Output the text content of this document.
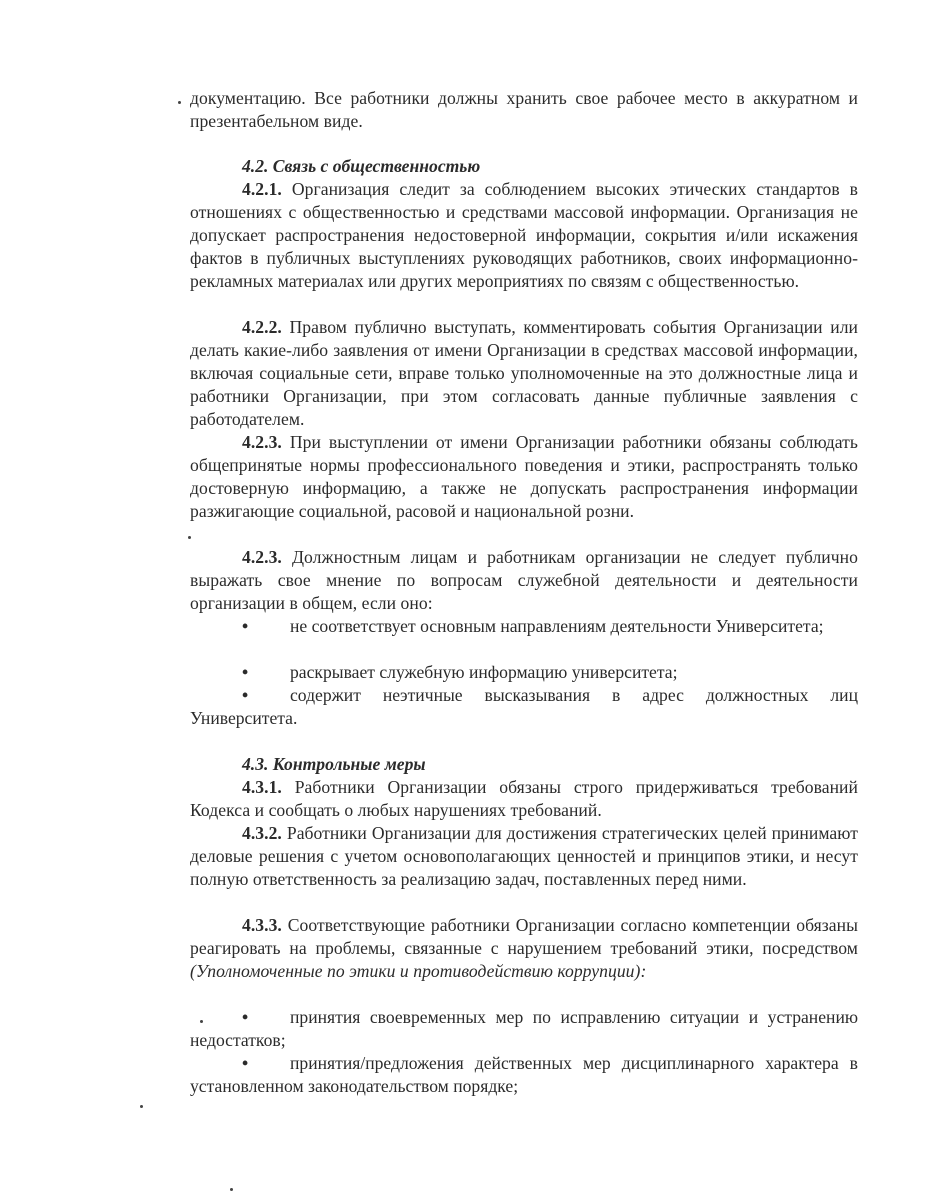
документацию. Все работники должны хранить свое рабочее место в аккуратном и презентабельном виде.
4.2. Связь с общественностью
4.2.1. Организация следит за соблюдением высоких этических стандартов в отношениях с общественностью и средствами массовой информации. Организация не допускает распространения недостоверной информации, сокрытия и/или искажения фактов в публичных выступлениях руководящих работников, своих информационно-рекламных материалах или других мероприятиях по связям с общественностью.
4.2.2. Правом публично выступать, комментировать события Организации или делать какие-либо заявления от имени Организации в средствах массовой информации, включая социальные сети, вправе только уполномоченные на это должностные лица и работники Организации, при этом согласовать данные публичные заявления с работодателем.
4.2.3. При выступлении от имени Организации работники обязаны соблюдать общепринятые нормы профессионального поведения и этики, распространять только достоверную информацию, а также не допускать распространения информации разжигающие социальной, расовой и национальной розни.
4.2.3. Должностным лицам и работникам организации не следует публично выражать свое мнение по вопросам служебной деятельности и деятельности организации в общем, если оно:
• не соответствует основным направлениям деятельности Университета;
• раскрывает служебную информацию университета;
• содержит неэтичные высказывания в адрес должностных лиц Университета.
4.3. Контрольные меры
4.3.1. Работники Организации обязаны строго придерживаться требований Кодекса и сообщать о любых нарушениях требований.
4.3.2. Работники Организации для достижения стратегических целей принимают деловые решения с учетом основополагающих ценностей и принципов этики, и несут полную ответственность за реализацию задач, поставленных перед ними.
4.3.3. Соответствующие работники Организации согласно компетенции обязаны реагировать на проблемы, связанные с нарушением требований этики, посредством (Уполномоченные по этики и противодействию коррупции):
• принятия своевременных мер по исправлению ситуации и устранению недостатков;
• принятия/предложения действенных мер дисциплинарного характера в установленном законодательством порядке;
